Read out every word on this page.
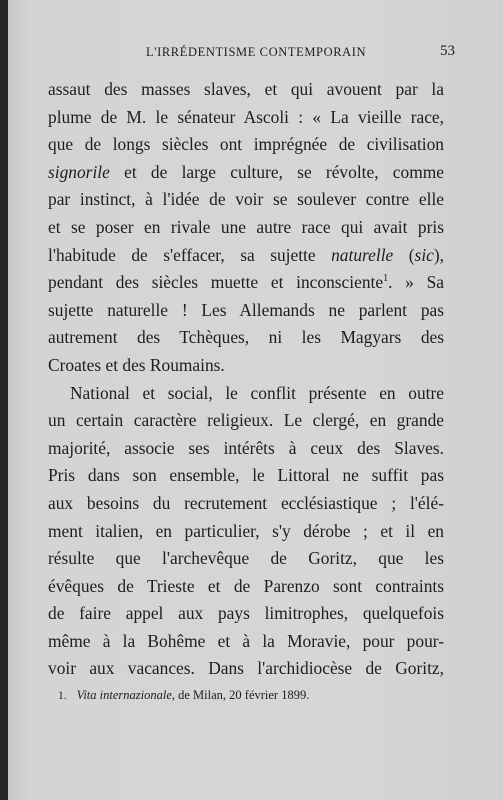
L'IRRÉDENTISME CONTEMPORAIN	53
assaut des masses slaves, et qui avouent par la
plume de M. le sénateur Ascoli : « La vieille race,
que de longs siècles ont imprégnée de civilisation
signorile et de large culture, se révolte, comme
par instinct, à l'idée de voir se soulever contre elle
et se poser en rivale une autre race qui avait pris
l'habitude de s'effacer, sa sujette naturelle (sic),
pendant des siècles muette et inconsciente$^1$. » Sa
sujette naturelle ! Les Allemands ne parlent pas
autrement des Tchèques, ni les Magyars des
Croates et des Roumains.
National et social, le conflit présente en outre
un certain caractère religieux. Le clergé, en grande
majorité, associe ses intérêts à ceux des Slaves.
Pris dans son ensemble, le Littoral ne suffit pas
aux besoins du recrutement ecclésiastique ; l'élé-
ment italien, en particulier, s'y dérobe ; et il en
résulte que l'archevêque de Goritz, que les
évêques de Trieste et de Parenzo sont contraints
de faire appel aux pays limitrophes, quelquefois
même à la Bohême et à la Moravie, pour pour-
voir aux vacances. Dans l'archidiocèse de Goritz,
1. Vita internazionale, de Milan, 20 février 1899.
